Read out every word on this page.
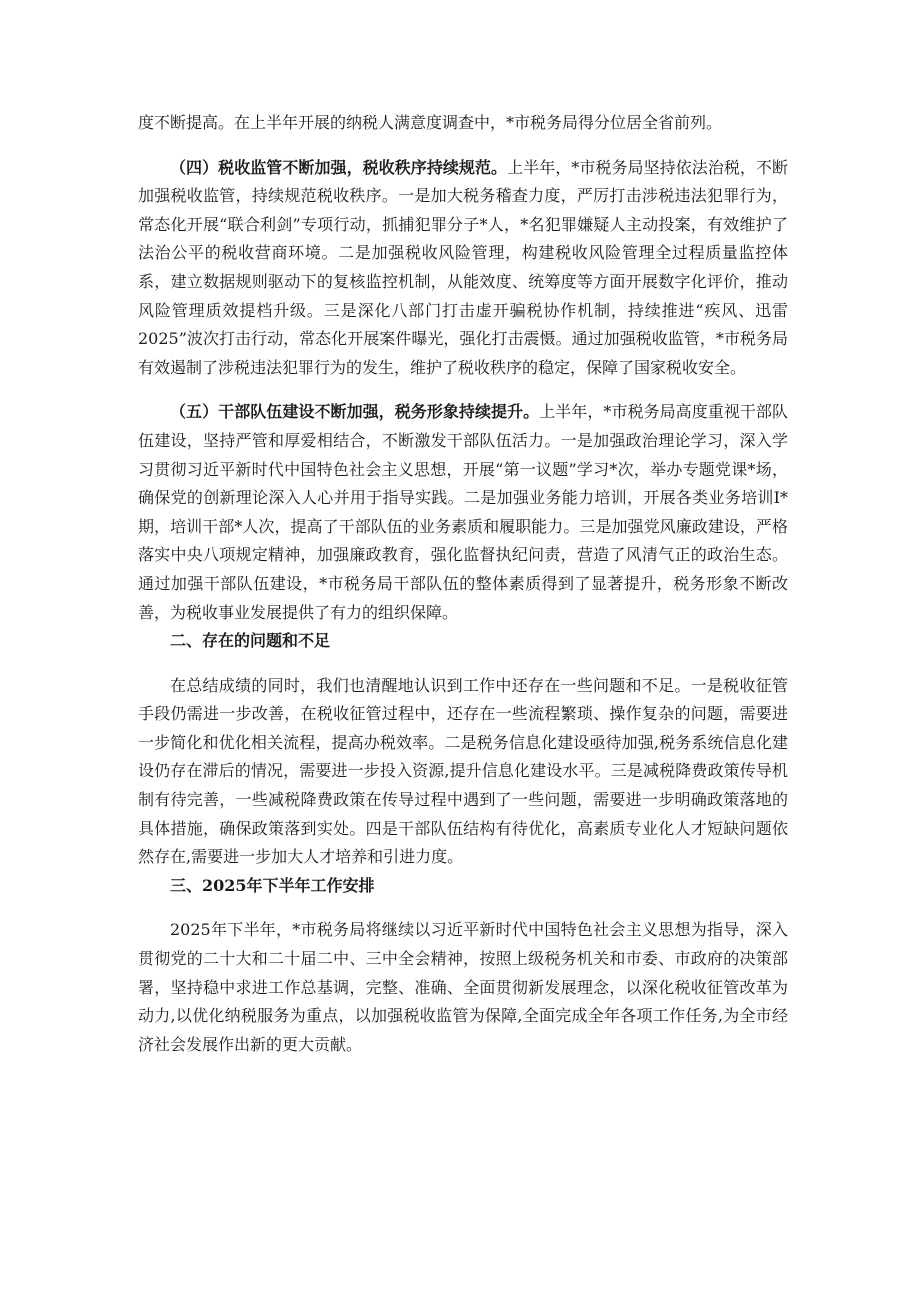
度不断提高。在上半年开展的纳税人满意度调查中，*市税务局得分位居全省前列。

（四）税收监管不断加强，税收秩序持续规范。上半年，*市税务局坚持依法治税，不断加强税收监管，持续规范税收秩序。一是加大税务稽查力度，严厉打击涉税违法犯罪行为，常态化开展“联合利剑”专项行动，抓捕犯罪分子*人，*名犯罪嫌疑人主动投案，有效维护了法治公平的税收营商环境。二是加强税收风险管理，构建税收风险管理全过程质量监控体系，建立数据规则驱动下的复核监控机制，从能效度、统筹度等方面开展数字化评价，推动风险管理质效提档升级。三是深化八部门打击虚开骗税协作机制，持续推进“疾风、迅雷2025”波次打击行动，常态化开展案件曝光，强化打击震慑。通过加强税收监管，*市税务局有效遏制了涉税违法犯罪行为的发生，维护了税收秩序的稳定，保障了国家税收安全。

（五）干部队伍建设不断加强，税务形象持续提升。上半年，*市税务局高度重视干部队伍建设，坚持严管和厚爱相结合，不断激发干部队伍活力。一是加强政治理论学习，深入学习贯彻习近平新时代中国特色社会主义思想，开展“第一议题”学习*次，举办专题党课*场，确保党的创新理论深入人心并用于指导实践。二是加强业务能力培训，开展各类业务培训I*期，培训干部*人次，提高了干部队伍的业务素质和履职能力。三是加强党风廉政建设，严格落实中央八项规定精神，加强廉政教育，强化监督执纪问责，营造了风清气正的政治生态。通过加强干部队伍建设，*市税务局干部队伍的整体素质得到了显著提升，税务形象不断改善，为税收事业发展提供了有力的组织保障。

二、存在的问题和不足

在总结成绩的同时，我们也清醒地认识到工作中还存在一些问题和不足。一是税收征管手段仍需进一步改善，在税收征管过程中，还存在一些流程繁琐、操作复杂的问题，需要进一步简化和优化相关流程，提高办税效率。二是税务信息化建设亟待加强,税务系统信息化建设仍存在滞后的情况，需要进一步投入资源,提升信息化建设水平。三是减税降费政策传导机制有待完善，一些减税降费政策在传导过程中遇到了一些问题，需要进一步明确政策落地的具体措施，确保政策落到实处。四是干部队伍结构有待优化，高素质专业化人才短缺问题依然存在,需要进一步加大人才培养和引进力度。

三、2025年下半年工作安排

2025年下半年，*市税务局将继续以习近平新时代中国特色社会主义思想为指导，深入贯彻党的二十大和二十届二中、三中全会精神，按照上级税务机关和市委、市政府的决策部署，坚持稳中求进工作总基调，完整、准确、全面贯彻新发展理念，以深化税收征管改革为动力,以优化纳税服务为重点，以加强税收监管为保障,全面完成全年各项工作任务,为全市经济社会发展作出新的更大贡献。
